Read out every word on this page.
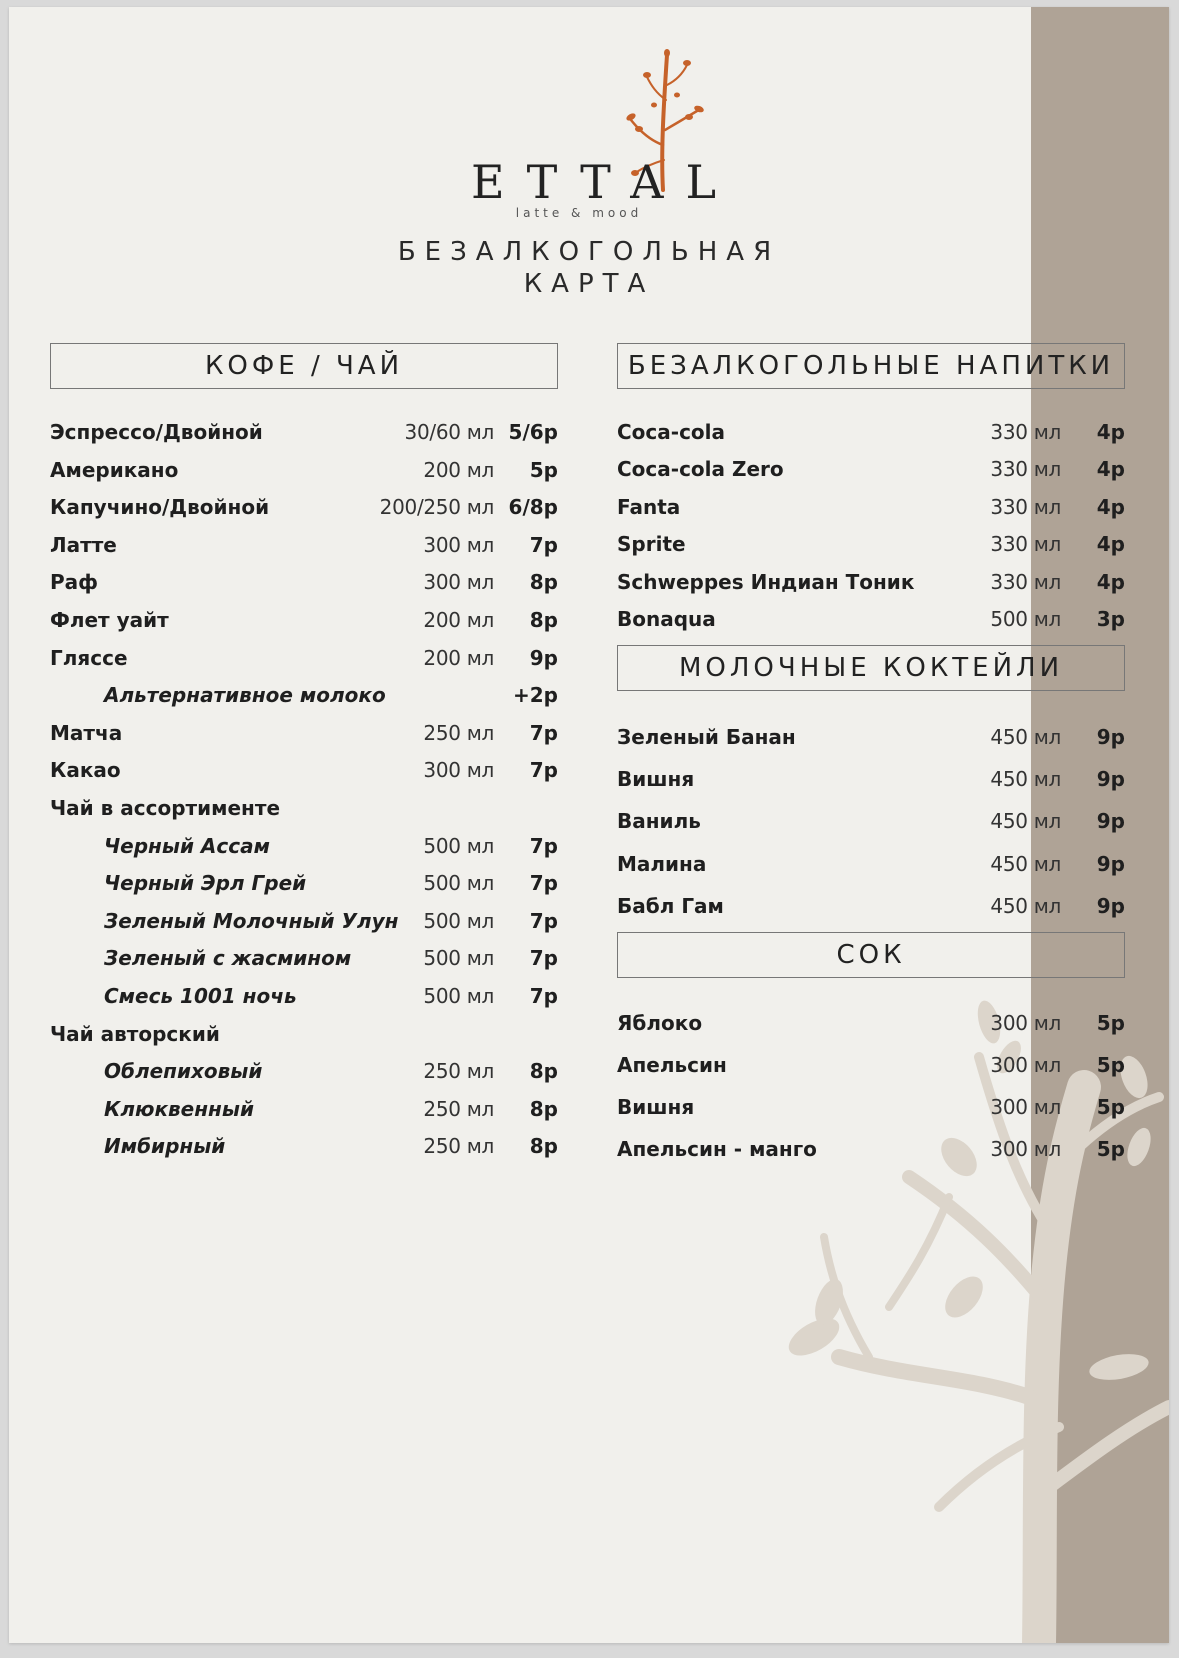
ETTAL
latte & mood
БЕЗАЛКОГОЛЬНАЯ
КАРТА
КОФЕ / ЧАЙ
Эспрессо/Двойной	30/60 мл 5/6р
Американо	200 мл 5р
Капучино/Двойной	200/250 мл 6/8р
Латте	300 мл 7р
Раф	300 мл 8р
Флет уайт	200 мл 8р
Гляссе	200 мл 9р
Альтернативное молоко	+2р
Матча	250 мл 7р
Какао	300 мл 7р
Чай в ассортименте
Черный Ассам	500 мл 7р
Черный Эрл Грей	500 мл 7р
Зеленый Молочный Улун 500 мл 7р
Зеленый с жасмином	500 мл 7р
Смесь 1001 ночь	500 мл 7р
Чай авторский
Облепиховый	250 мл 8р
Клюквенный	250 мл 8р
Имбирный	250 мл 8р
БЕЗАЛКОГОЛЬНЫЕ НАПИТКИ
Coca-cola	330 мл 4р
Coca-cola Zero	330 мл 4р
Fanta	330 мл 4р
Sprite	330 мл 4р
Schweppes Индиан Тоник	330 мл 4р
Bonaqua	500 мл 3р
МОЛОЧНЫЕ КОКТЕЙЛИ
Зеленый Банан	450 мл 9р
Вишня	450 мл 9р
Ваниль	450 мл 9р
Малина	450 мл 9р
Бабл Гам	450 мл 9р
СОК
Яблоко	300 мл 5р
Апельсин	300 мл 5р
Вишня	300 мл 5р
Апельсин - манго	300 мл 5р
